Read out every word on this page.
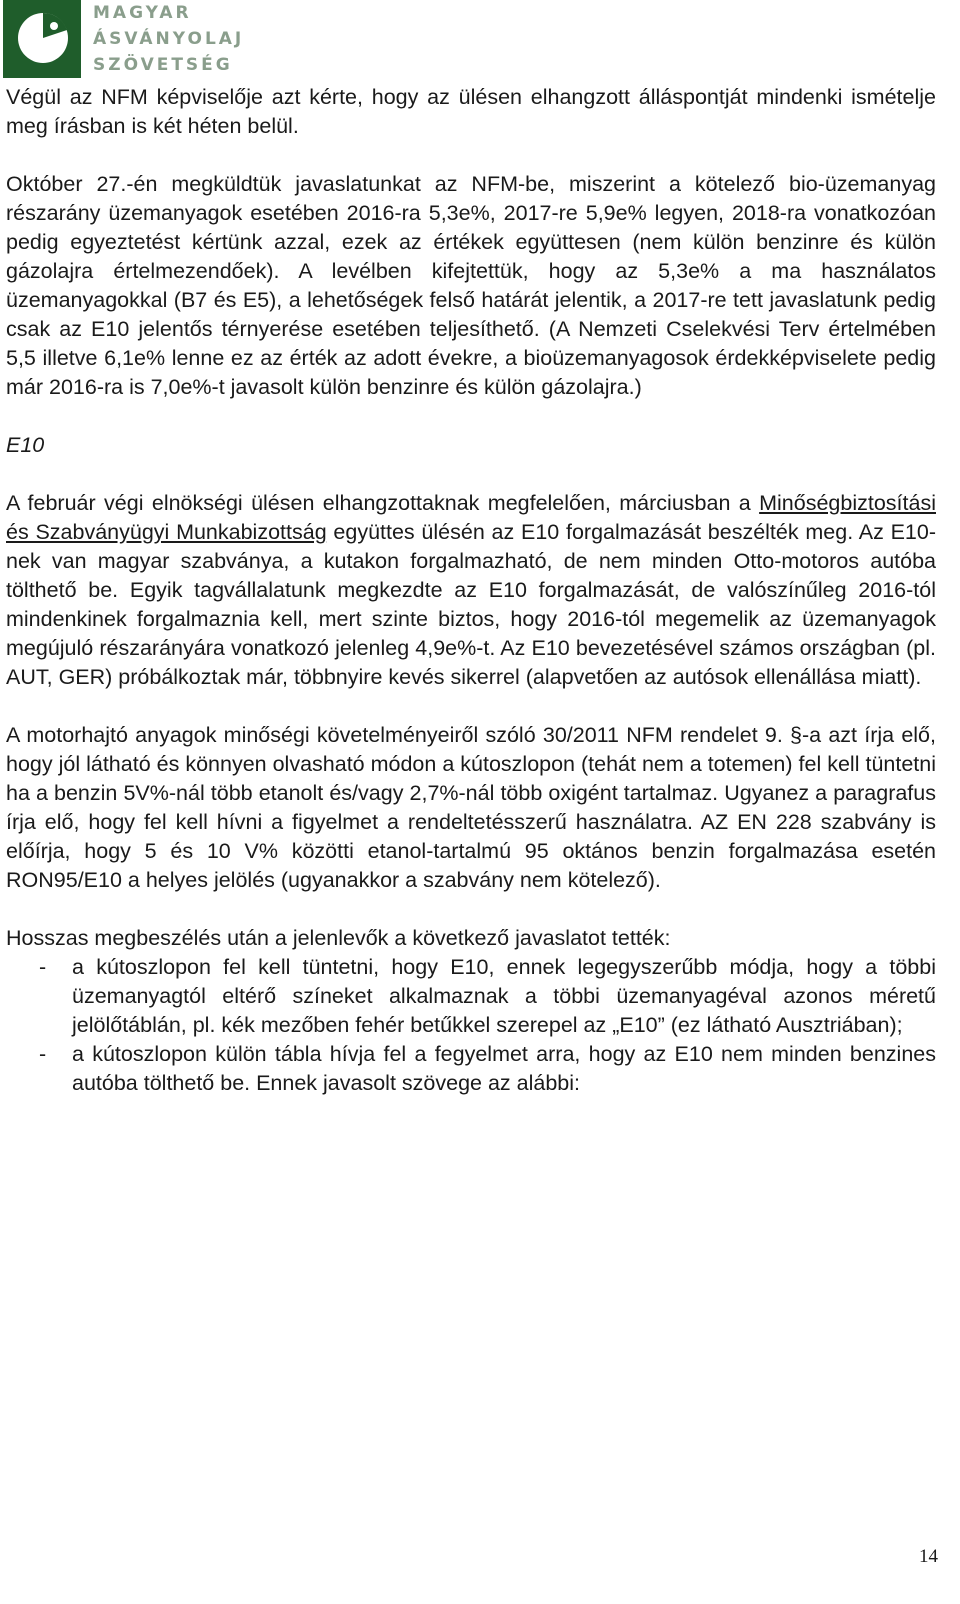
MAGYAR
ÁSVÁNYOLAJ
SZÖVETSÉG

Végül az NFM képviselője azt kérte, hogy az ülésen elhangzott álláspontját mindenki ismételje meg írásban is két héten belül.

Október 27.-én megküldtük javaslatunkat az NFM-be, miszerint a kötelező bio-üzemanyag részarány üzemanyagok esetében 2016-ra 5,3e%, 2017-re 5,9e% legyen, 2018-ra vonatkozóan pedig egyeztetést kértünk azzal, ezek az értékek együttesen (nem külön benzinre és külön gázolajra értelmezendőek). A levélben kifejtettük, hogy az 5,3e% a ma használatos üzemanyagokkal (B7 és E5), a lehetőségek felső határát jelentik, a 2017-re tett javaslatunk pedig csak az E10 jelentős térnyerése esetében teljesíthető. (A Nemzeti Cselekvési Terv értelmében 5,5 illetve 6,1e% lenne ez az érték az adott évekre, a bioüzemanyagosok érdekképviselete pedig már 2016-ra is 7,0e%-t javasolt külön benzinre és külön gázolajra.)

E10

A február végi elnökségi ülésen elhangzottaknak megfelelően, márciusban a Minőségbiztosítási és Szabványügyi Munkabizottság együttes ülésén az E10 forgalmazását beszélték meg. Az E10-nek van magyar szabványa, a kutakon forgalmazható, de nem minden Otto-motoros autóba tölthető be. Egyik tagvállalatunk megkezdte az E10 forgalmazását, de valószínűleg 2016-tól mindenkinek forgalmaznia kell, mert szinte biztos, hogy 2016-tól megemelik az üzemanyagok megújuló részarányára vonatkozó jelenleg 4,9e%-t. Az E10 bevezetésével számos országban (pl. AUT, GER) próbálkoztak már, többnyire kevés sikerrel (alapvetően az autósok ellenállása miatt).

A motorhajtó anyagok minőségi követelményeiről szóló 30/2011 NFM rendelet 9. §-a azt írja elő, hogy jól látható és könnyen olvasható módon a kútoszlopon (tehát nem a totemen) fel kell tüntetni ha a benzin 5V%-nál több etanolt és/vagy 2,7%-nál több oxigént tartalmaz. Ugyanez a paragrafus írja elő, hogy fel kell hívni a figyelmet a rendeltetésszerű használatra. AZ EN 228 szabvány is előírja, hogy 5 és 10 V% közötti etanol-tartalmú 95 oktános benzin forgalmazása esetén RON95/E10 a helyes jelölés (ugyanakkor a szabvány nem kötelező).

Hosszas megbeszélés után a jelenlevők a következő javaslatot tették:

- a kútoszlopon fel kell tüntetni, hogy E10, ennek legegyszerűbb módja, hogy a többi üzemanyagtól eltérő színeket alkalmaznak a többi üzemanyagéval azonos méretű jelölőtáblán, pl. kék mezőben fehér betűkkel szerepel az „E10” (ez látható Ausztriában);
- a kútoszlopon külön tábla hívja fel a fegyelmet arra, hogy az E10 nem minden benzines autóba tölthető be. Ennek javasolt szövege az alábbi:
14
